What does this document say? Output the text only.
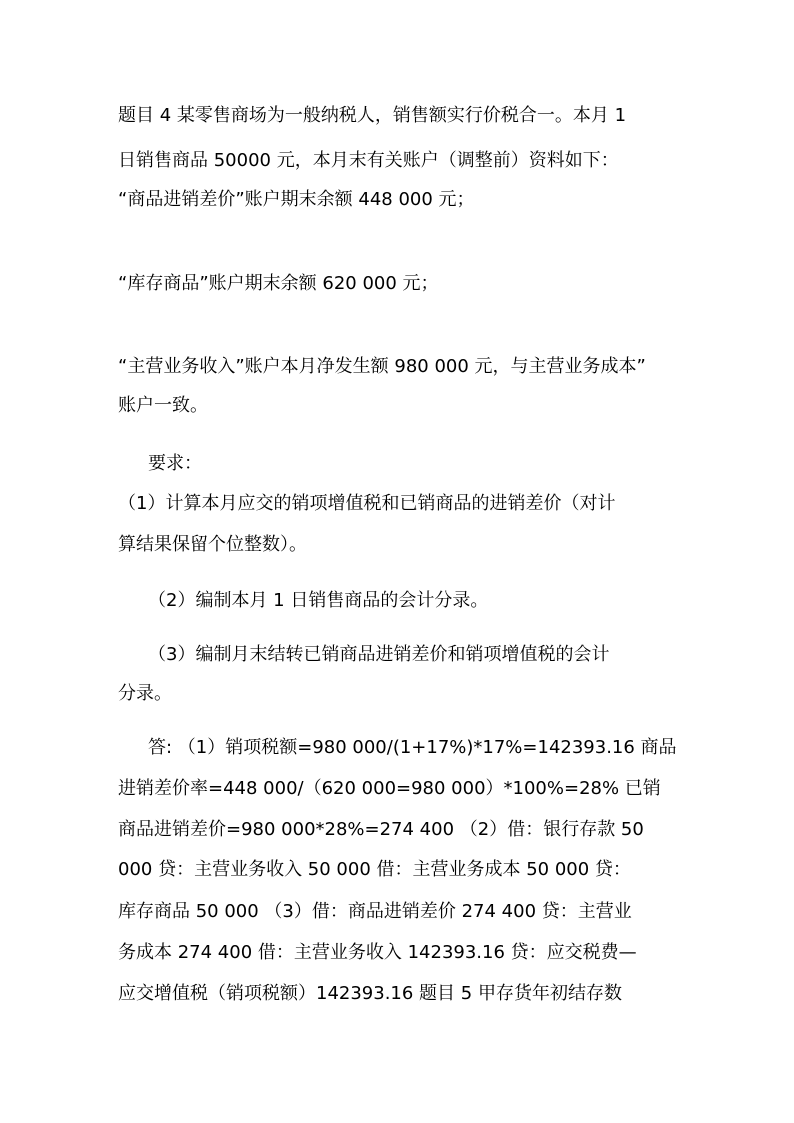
题目 4 某零售商场为一般纳税人，销售额实行价税合一。本月 1

日销售商品 50000 元，本月末有关账户（调整前）资料如下：

“商品进销差价”账户期末余额 448 000 元；

“库存商品”账户期末余额 620 000 元；

“主营业务收入”账户本月净发生额 980 000 元，与主营业务成本”

账户一致。

要求：

（1）计算本月应交的销项增值税和已销商品的进销差价（对计

算结果保留个位整数）。

（2）编制本月 1 日销售商品的会计分录。

（3）编制月末结转已销商品进销差价和销项增值税的会计

分录。

答: （1）销项税额=980 000/(1+17%)*17%=142393.16 商品

进销差价率=448 000/（620 000=980 000）*100%=28% 已销

商品进销差价=980 000*28%=274 400 （2）借：银行存款 50

000 贷：主营业务收入 50 000 借：主营业务成本 50 000 贷：

库存商品 50 000 （3）借：商品进销差价 274 400 贷：主营业

务成本 274 400 借：主营业务收入 142393.16 贷：应交税费—

应交增值税（销项税额）142393.16 题目 5 甲存货年初结存数
